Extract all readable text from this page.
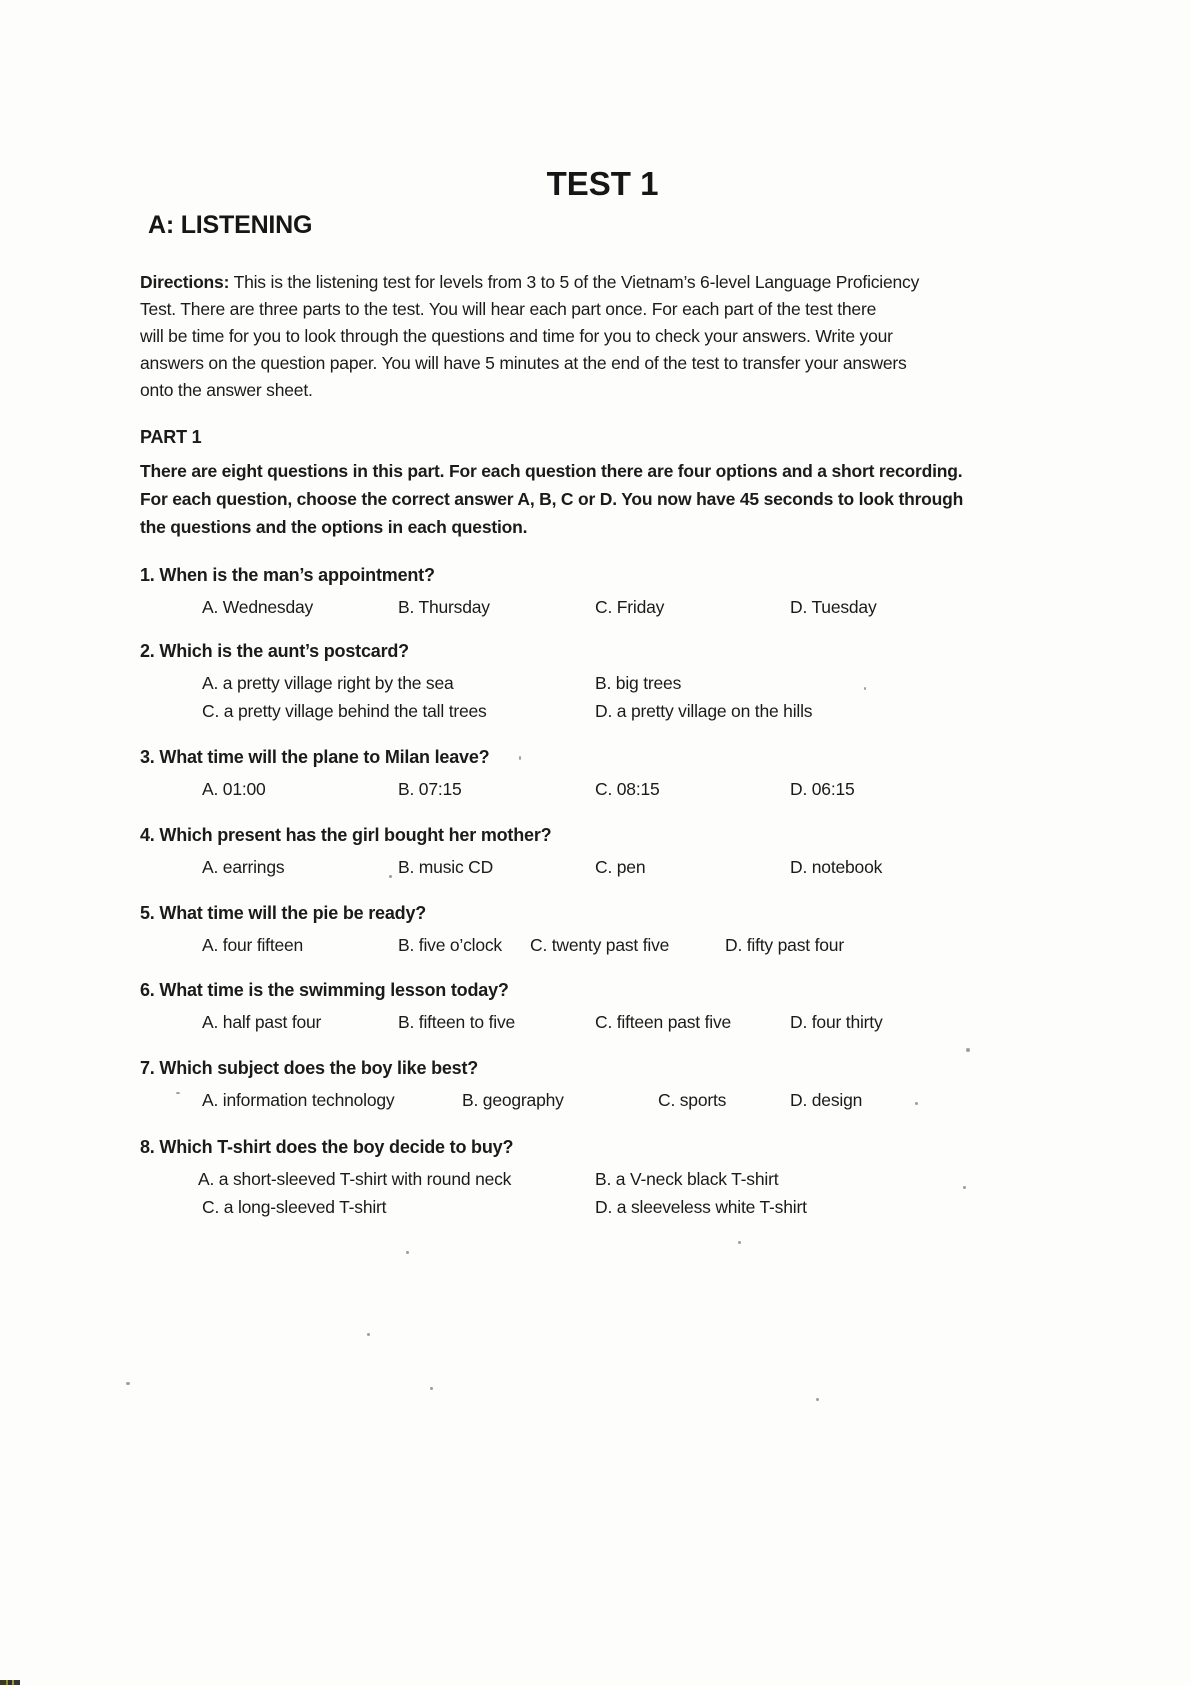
TEST 1
A: LISTENING
Directions: This is the listening test for levels from 3 to 5 of the Vietnam’s 6-level Language Proficiency
Test. There are three parts to the test. You will hear each part once. For each part of the test there
will be time for you to look through the questions and time for you to check your answers. Write your
answers on the question paper. You will have 5 minutes at the end of the test to transfer your answers
onto the answer sheet.
PART 1
There are eight questions in this part. For each question there are four options and a short recording.
For each question, choose the correct answer A, B, C or D. You now have 45 seconds to look through
the questions and the options in each question.
1. When is the man’s appointment?
A. Wednesday	B. Thursday	C. Friday	D. Tuesday
2. Which is the aunt’s postcard?
A. a pretty village right by the sea	B. big trees
C. a pretty village behind the tall trees	D. a pretty village on the hills
3. What time will the plane to Milan leave?
A. 01:00	B. 07:15	C. 08:15	D. 06:15
4. Which present has the girl bought her mother?
A. earrings	B. music CD	C. pen	D. notebook
5. What time will the pie be ready?
A. four fifteen	B. five o’clock C. twenty past five	D. fifty past four
6. What time is the swimming lesson today?
A. half past four	B. fifteen to five	C. fifteen past five	D. four thirty
7. Which subject does the boy like best?
A. information technology	B. geography	C. sports	D. design
8. Which T-shirt does the boy decide to buy?
A. a short-sleeved T-shirt with round neck	B. a V-neck black T-shirt
C. a long-sleeved T-shirt	D. a sleeveless white T-shirt
